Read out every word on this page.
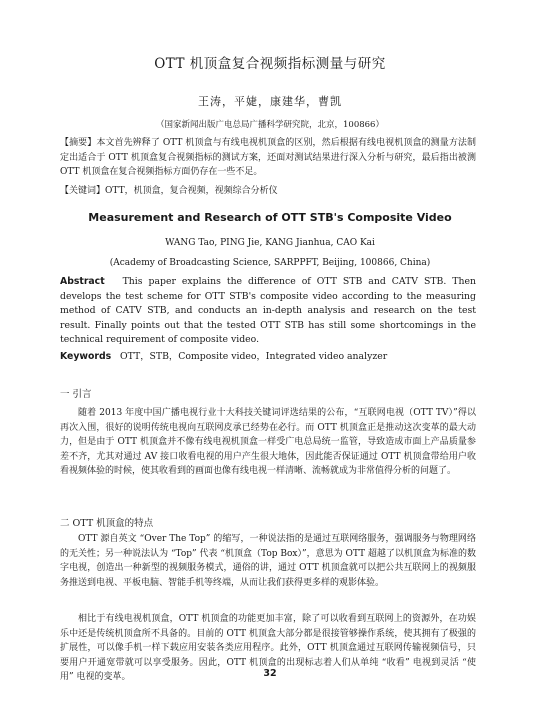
OTT 机顶盒复合视频指标测量与研究
王涛，平婕，康建华，曹凯
（国家新闻出版广电总局广播科学研究院，北京，100866）
【摘要】本文首先辨释了 OTT 机顶盒与有线电视机顶盒的区别，然后根据有线电视机顶盒的测量方法制定出适合于 OTT 机顶盒复合视频指标的测试方案，还面对测试结果进行深入分析与研究，最后指出被测 OTT 机顶盒在复合视频指标方面仍存在一些不足。
【关键词】OTT，机顶盒，复合视频，视频综合分析仪
Measurement and Research of OTT STB's Composite Video
WANG Tao, PING Jie, KANG Jianhua, CAO Kai
(Academy of Broadcasting Science, SARPPFT, Beijing, 100866, China)
Abstract This paper explains the difference of OTT STB and CATV STB. Then develops the test scheme for OTT STB's composite video according to the measuring method of CATV STB, and conducts an in-depth analysis and research on the test result. Finally points out that the tested OTT STB has still some shortcomings in the technical requirement of composite video.
Keywords OTT，STB，Composite video，Integrated video analyzer
一 引言
随着 2013 年度中国广播电视行业十大科技关键词评选结果的公布，“互联网电视（OTT TV）”得以再次入围，很好的说明传统电视向互联网皮承已经势在必行。而 OTT 机顶盒正是推动这次变革的最大动力，但是由于 OTT 机顶盒并不像有线电视机顶盒一样受广电总局统一监管，导致造成市面上产品质量参差不齐，尤其对通过 AV 接口收看电视的用户产生很大地体，因此能否保证通过 OTT 机顶盒带给用户收看视频体验的时候，使其收看到的画面也像有线电视一样清晰、流畅就成为非常值得分析的问题了。
二 OTT 机顶盒的特点
OTT 源自英文 “Over The Top” 的缩写，一种说法指的是通过互联网络服务，强调服务与物理网络的无关性；另一种说法认为 “Top” 代表 “机顶盒（Top Box）”，意思为 OTT 超越了以机顶盒为标准的数字电视，创造出一种新型的视频服务模式，通俗的讲，通过 OTT 机顶盒就可以把公共互联网上的视频服务推送到电视、平板电脑、智能手机等终端，从而让我们获得更多样的观影体验。
相比于有线电视机顶盒，OTT 机顶盒的功能更加丰富，除了可以收看到互联网上的资源外，在功娱乐中还是传统机顶盒所不具备的。目前的 OTT 机顶盒大部分都是很接管够操作系统，使其拥有了极强的扩展性，可以像手机一样下载应用安装各类应用程序。此外，OTT 机顶盒通过互联网传输视频信号，只要用户开通宽带就可以享受服务。因此，OTT 机顶盒的出现标志着人们从单纯 “收看” 电视到灵活 “使用” 电视的变革。	32
